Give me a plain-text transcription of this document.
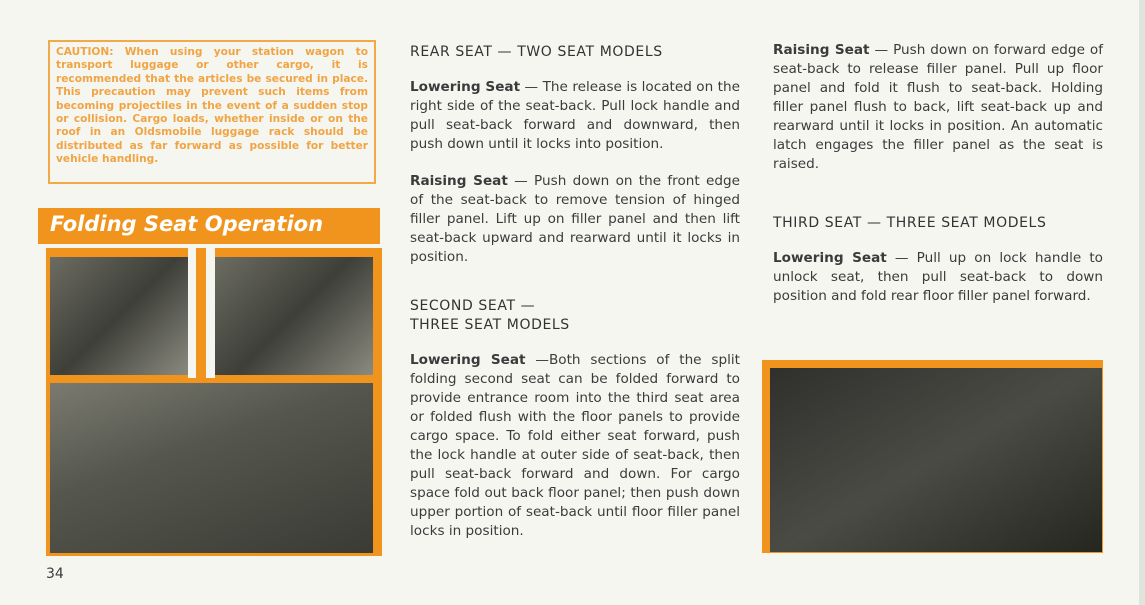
CAUTION: When using your station wagon to transport luggage or other cargo, it is recommended that the articles be secured in place. This precaution may prevent such items from becoming projectiles in the event of a sudden stop or collision. Cargo loads, whether inside or on the roof in an Oldsmobile luggage rack should be distributed as far forward as possible for better vehicle handling.
Folding Seat Operation
34
REAR SEAT — TWO SEAT MODELS

Lowering Seat — The release is located on the right side of the seat-back. Pull lock handle and pull seat-back forward and downward, then push down until it locks into position.

Raising Seat — Push down on the front edge of the seat-back to remove tension of hinged filler panel. Lift up on filler panel and then lift seat-back upward and rearward until it locks in position.

SECOND SEAT —
THREE SEAT MODELS

Lowering Seat —Both sections of the split folding second seat can be folded forward to provide entrance room into the third seat area or folded flush with the floor panels to provide cargo space. To fold either seat forward, push the lock handle at outer side of seat-back, then pull seat-back forward and down. For cargo space fold out back floor panel; then push down upper portion of seat-back until floor filler panel locks in position.

Raising Seat — Push down on forward edge of seat-back to release filler panel. Pull up floor panel and fold it flush to seat-back. Holding filler panel flush to back, lift seat-back up and rearward until it locks in position. An automatic latch engages the filler panel as the seat is raised.

THIRD SEAT — THREE SEAT MODELS

Lowering Seat — Pull up on lock handle to unlock seat, then pull seat-back to down position and fold rear floor filler panel forward.
